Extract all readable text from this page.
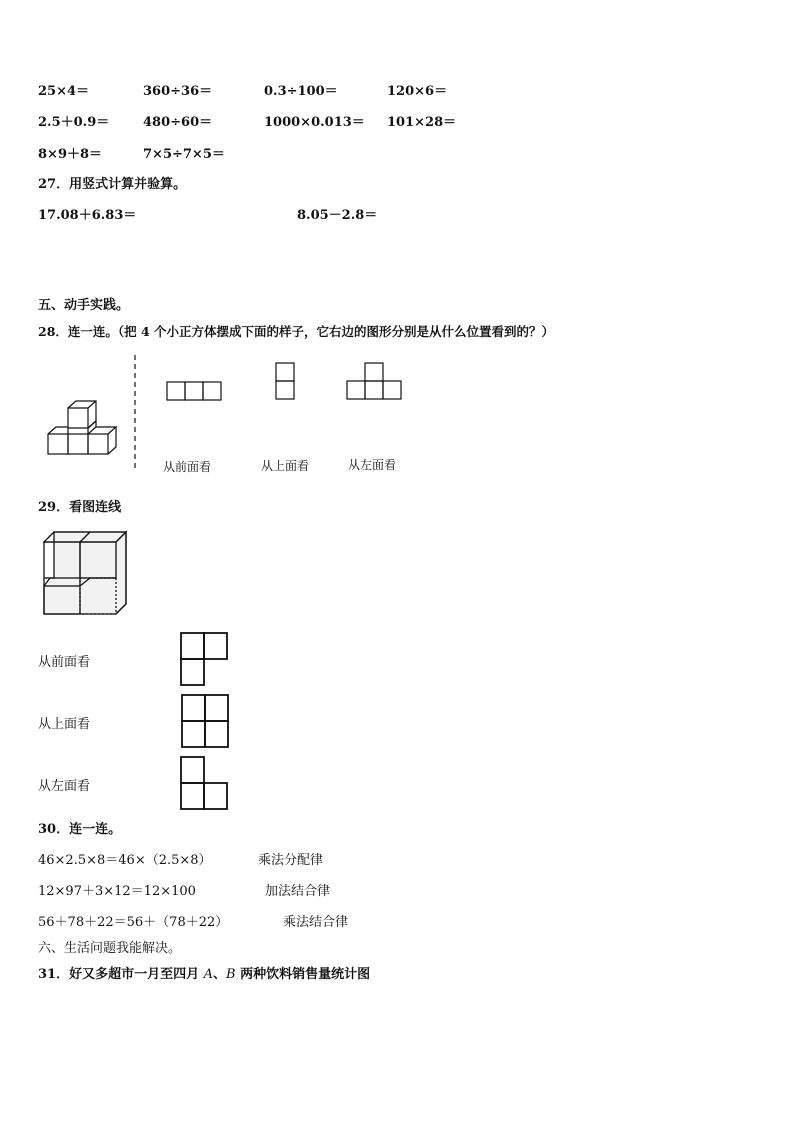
25×4＝	360÷36＝	0.3÷100＝	120×6＝
2.5＋0.9＝	480÷60＝	1000×0.013＝ 101×28＝
8×9＋8＝	7×5÷7×5＝
27．用竖式计算并验算。
17.08＋6.83＝	8.05－2.8＝
五、动手实践。
28．连一连。（把 4 个小正方体摆成下面的样子，它右边的图形分别是从什么位置看到的？）
从前面看	从上面看	从左面看
29．看图连线
从前面看
从上面看
从左面看
30．连一连。
46×2.5×8＝46×（2.5×8）
12×97＋3×12＝12×100
56＋78＋22＝56＋（78＋22）
乘法分配律
加法结合律
乘法结合律
六、生活问题我能解决。
31．好又多超市一月至四月 A、B 两种饮料销售量统计图
